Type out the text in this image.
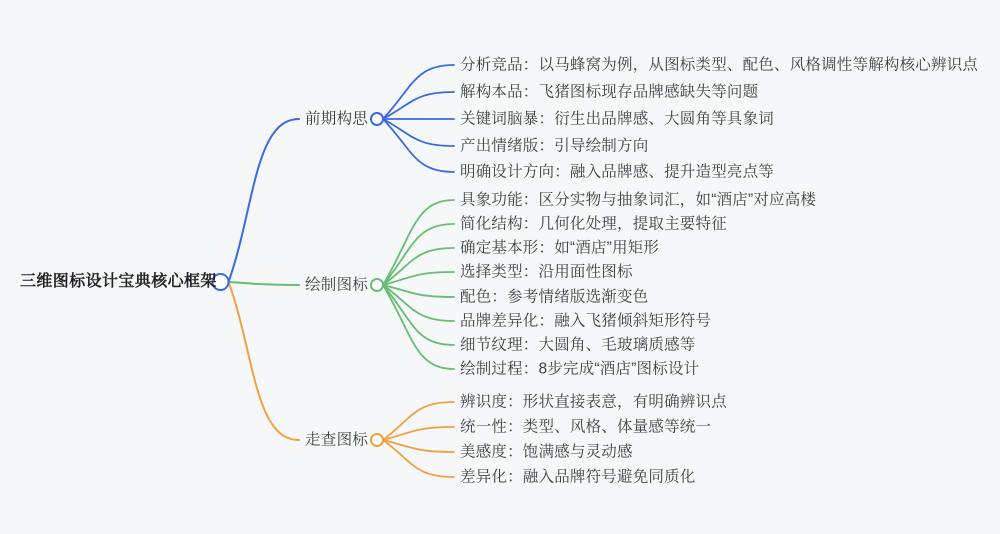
三维图标设计宝典核心框架
分析竞品：以马蜂窝为例，从图标类型、配色、风格调性等解构核心辨识点
解构本品：飞猪图标现存品牌感缺失等问题
关键词脑暴：衍生出品牌感、大圆角等具象词
产出情绪版：引导绘制方向
明确设计方向：融入品牌感、提升造型亮点等
前期构思
具象功能：区分实物与抽象词汇，如“酒店”对应高楼
简化结构：几何化处理，提取主要特征
确定基本形：如“酒店”用矩形
选择类型：沿用面性图标
配色：参考情绪版选渐变色
品牌差异化：融入飞猪倾斜矩形符号
细节纹理：大圆角、毛玻璃质感等
绘制过程：8步完成“酒店”图标设计
绘制图标
辨识度：形状直接表意，有明确辨识点
统一性：类型、风格、体量感等统一
美感度：饱满感与灵动感
差异化：融入品牌符号避免同质化
走查图标
